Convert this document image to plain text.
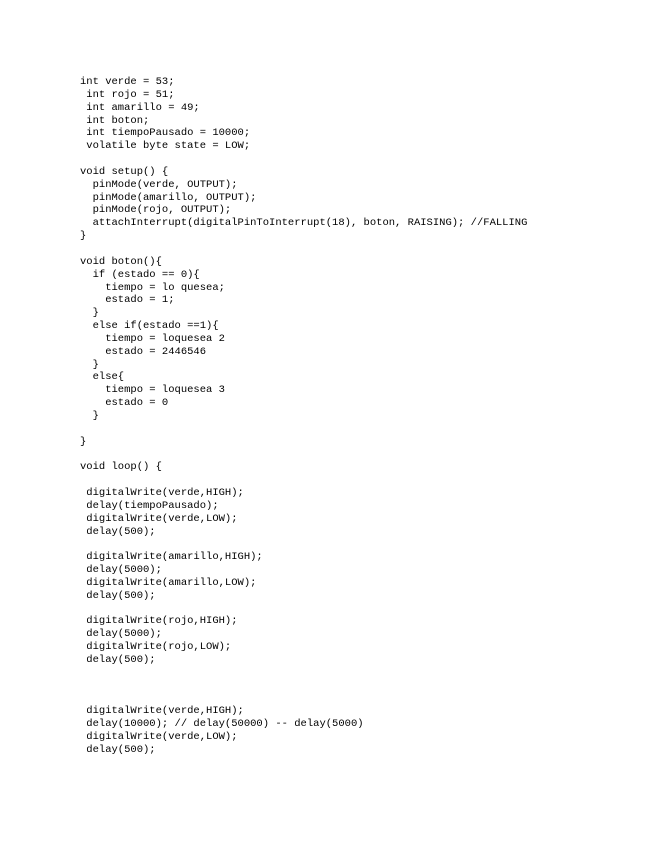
int verde = 53;
int rojo = 51;
int amarillo = 49;
int boton;
int tiempoPausado = 10000;
volatile byte state = LOW;
void setup() {
pinMode(verde, OUTPUT);
pinMode(amarillo, OUTPUT);
pinMode(rojo, OUTPUT);
attachInterrupt(digitalPinToInterrupt(18), boton, RAISING); //FALLING
}
void boton(){
if (estado == 0){
tiempo = lo quesea;
estado = 1;
}
else if(estado ==1){
tiempo = loquesea 2
estado = 2446546
}
else{
tiempo = loquesea 3
estado = 0
}
}
void loop() {
digitalWrite(verde,HIGH);
delay(tiempoPausado);
digitalWrite(verde,LOW);
delay(500);
digitalWrite(amarillo,HIGH);
delay(5000);
digitalWrite(amarillo,LOW);
delay(500);
digitalWrite(rojo,HIGH);
delay(5000);
digitalWrite(rojo,LOW);
delay(500);
digitalWrite(verde,HIGH);
delay(10000); // delay(50000) -- delay(5000)
digitalWrite(verde,LOW);
delay(500);
